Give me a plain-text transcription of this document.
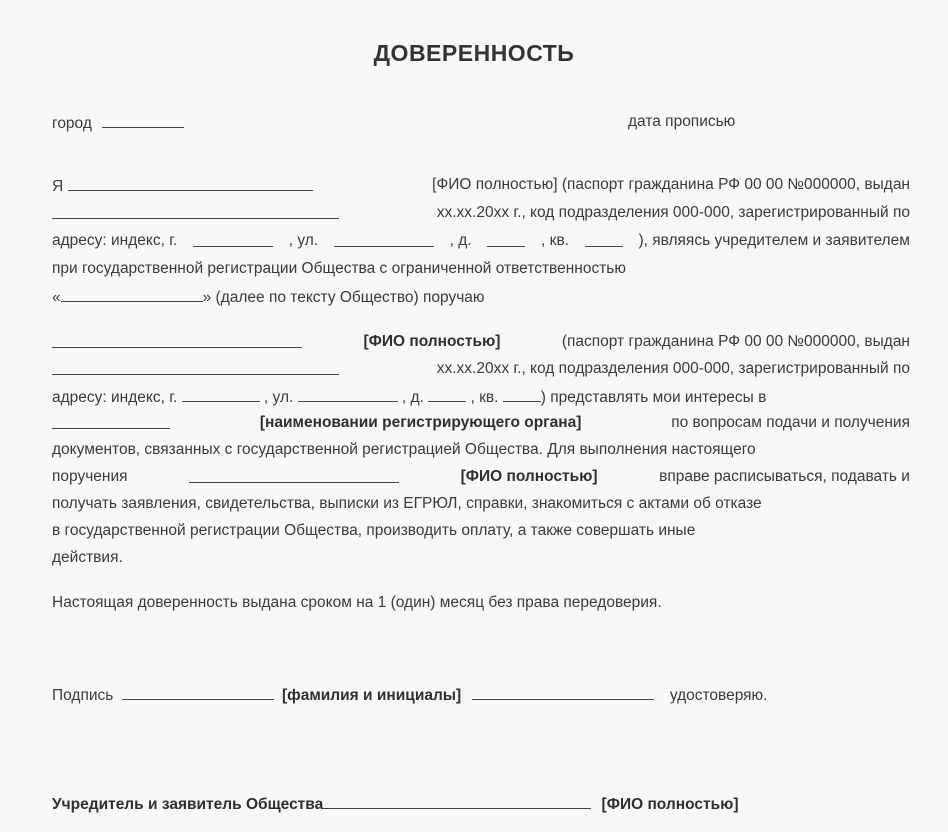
ДОВЕРЕННОСТЬ
город	дата прописью
Я	[ФИО полностью] (паспорт гражданина РФ 00 00 №000000, выдан
xx.xx.20xx г., код подразделения 000-000, зарегистрированный по
адресу: индекс, г.	, ул.	, д.	, кв.	), являясь учредителем и заявителем
при государственной регистрации Общества с ограниченной ответственностью
«	» (далее по тексту Общество) поручаю
[ФИО полностью]	(паспорт гражданина РФ 00 00 №000000, выдан
xx.xx.20xx г., код подразделения 000-000, зарегистрированный по
адресу: индекс, г.	, ул.	, д.	, кв.	) представлять мои интересы в
[наименовании регистрирующего органа]	по вопросам подачи и получения
документов, связанных с государственной регистрацией Общества. Для выполнения настоящего
поручения	[ФИО полностью]	вправе расписываться, подавать и
получать заявления, свидетельства, выписки из ЕГРЮЛ, справки, знакомиться с актами об отказе
в государственной регистрации Общества, производить оплату, а также совершать иные
действия.
Настоящая доверенность выдана сроком на 1 (один) месяц без права передоверия.
Подпись	[фамилия и инициалы]	удостоверяю.
Учредитель и заявитель Общества	[ФИО полностью]
